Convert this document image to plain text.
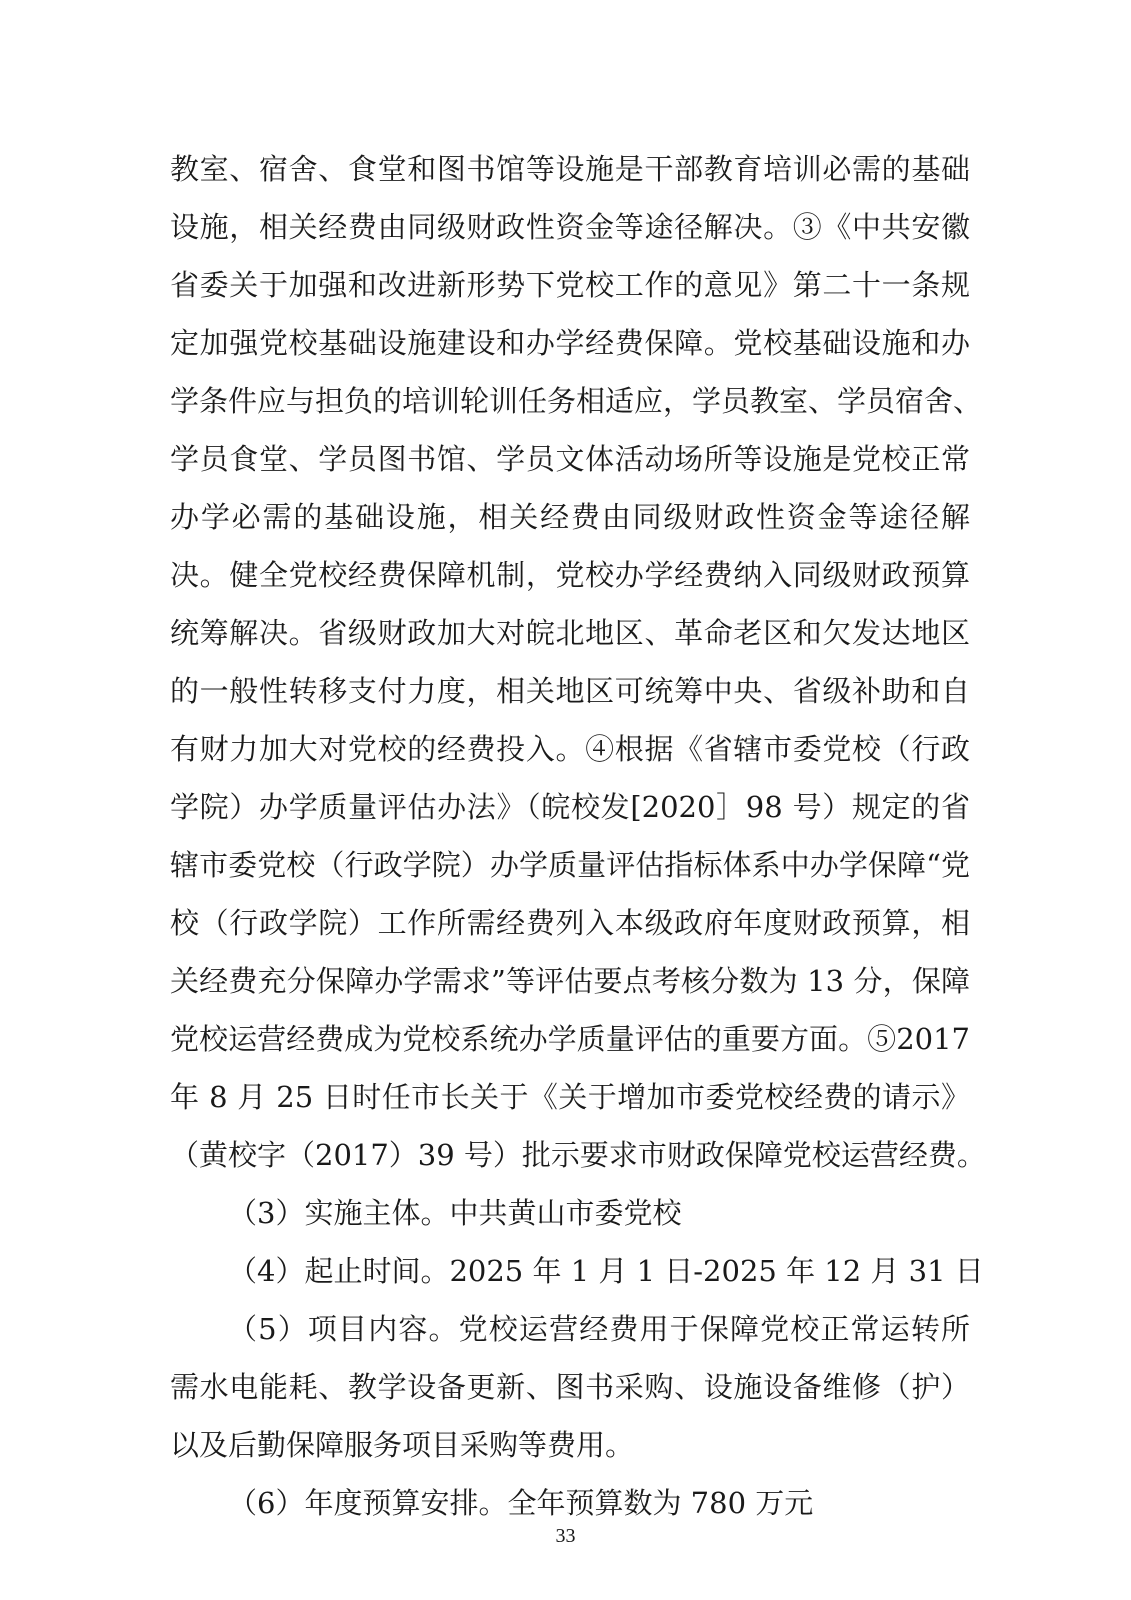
教室、宿舍、食堂和图书馆等设施是干部教育培训必需的基础
设施，相关经费由同级财政性资金等途径解决。③《中共安徽
省委关于加强和改进新形势下党校工作的意见》第二十一条规
定加强党校基础设施建设和办学经费保障。党校基础设施和办
学条件应与担负的培训轮训任务相适应，学员教室、学员宿舍、
学员食堂、学员图书馆、学员文体活动场所等设施是党校正常
办学必需的基础设施，相关经费由同级财政性资金等途径解
决。健全党校经费保障机制，党校办学经费纳入同级财政预算
统筹解决。省级财政加大对皖北地区、革命老区和欠发达地区
的一般性转移支付力度，相关地区可统筹中央、省级补助和自
有财力加大对党校的经费投入。④根据《省辖市委党校（行政
学院）办学质量评估办法》（皖校发[2020］98 号）规定的省
辖市委党校（行政学院）办学质量评估指标体系中办学保障“党
校（行政学院）工作所需经费列入本级政府年度财政预算，相
关经费充分保障办学需求”等评估要点考核分数为 13 分，保障
党校运营经费成为党校系统办学质量评估的重要方面。⑤2017
年 8 月 25 日时任市长关于《关于增加市委党校经费的请示》
（黄校字（2017）39 号）批示要求市财政保障党校运营经费。
（3）实施主体。中共黄山市委党校
（4）起止时间。2025 年 1 月 1 日-2025 年 12 月 31 日
（5）项目内容。党校运营经费用于保障党校正常运转所
需水电能耗、教学设备更新、图书采购、设施设备维修（护）
以及后勤保障服务项目采购等费用。
（6）年度预算安排。全年预算数为 780 万元
33
